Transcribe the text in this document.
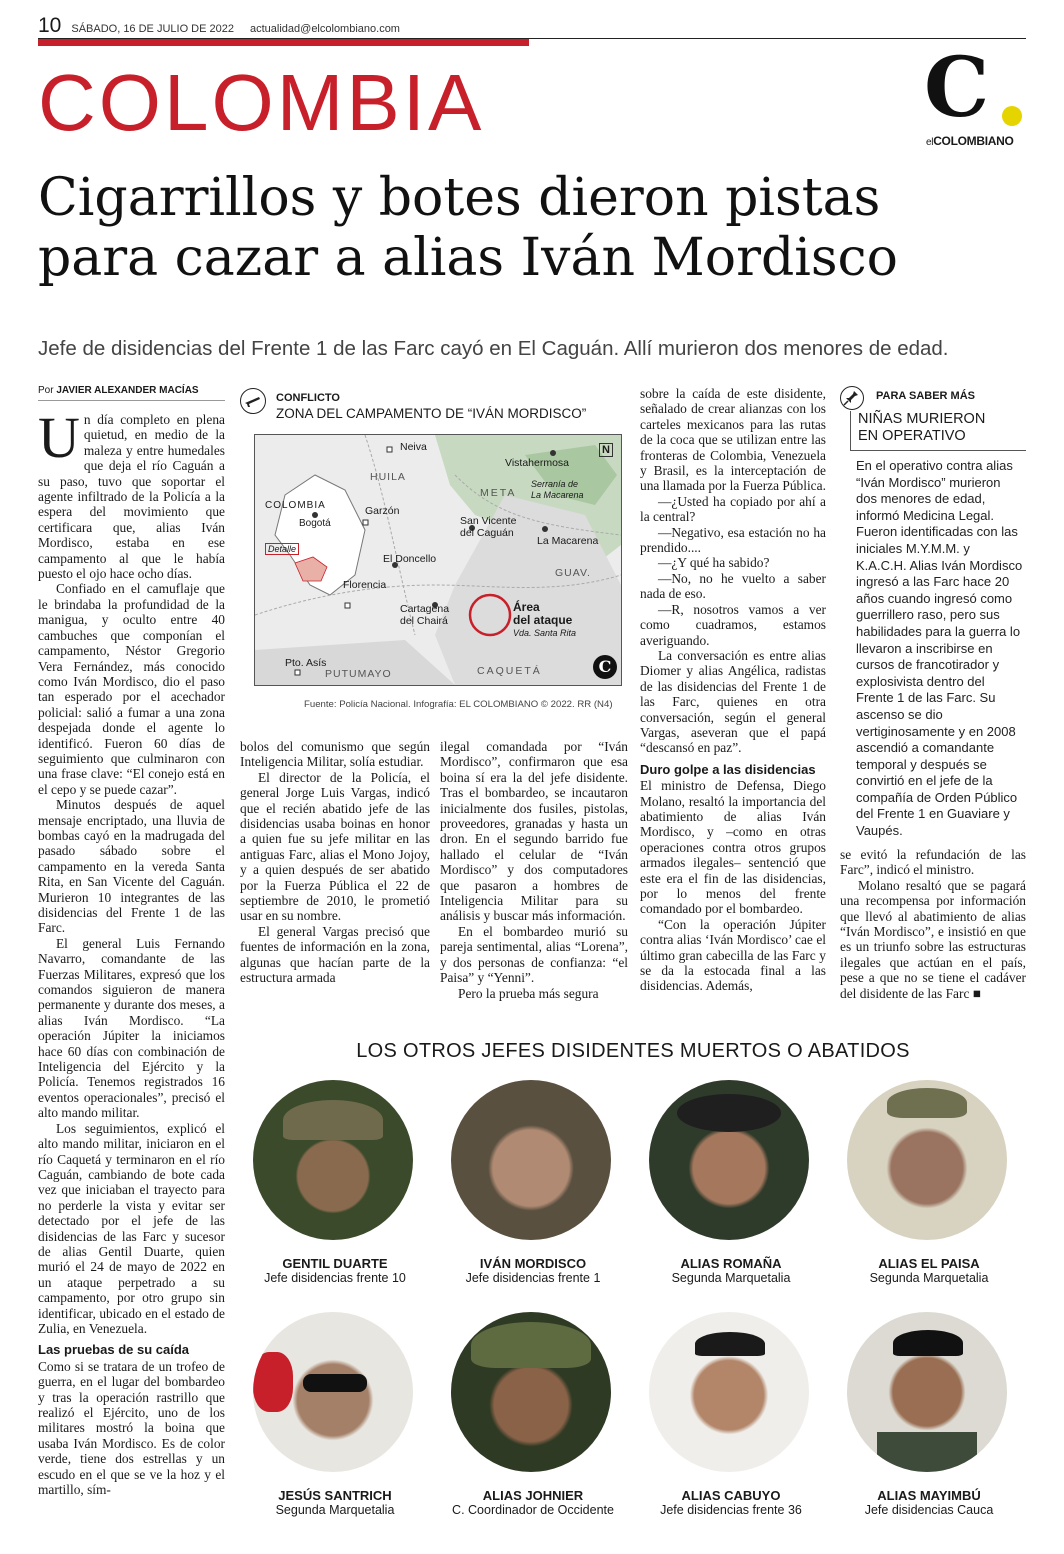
10 SÁBADO, 16 DE JULIO DE 2022 actualidad@elcolombiano.com
COLOMBIA	C
elCOLOMBIANO
Cigarrillos y botes dieron pistas
para cazar a alias Iván Mordisco
Jefe de disidencias del Frente 1 de las Farc cayó en El Caguán. Allí murieron dos menores de edad.
Por JAVIER ALEXANDER MACÍAS

Un día completo en plena quietud, en medio de la maleza y entre humedales que deja el río Caguán a su paso, tuvo que soportar el agente infiltrado de la Policía a la espera del movimiento que certificara que, alias Iván Mordisco, estaba en ese campamento al que le había puesto el ojo hace ocho días.

Confiado en el camuflaje que le brindaba la profundidad de la manigua, y oculto entre 40 cambuches que componían el campamento, Néstor Gregorio Vera Fernández, más conocido como Iván Mordisco, dio el paso tan esperado por el acechador policial: salió a fumar a una zona despejada donde el agente lo identificó. Fueron 60 días de seguimiento que culminaron con una frase clave: “El conejo está en el cepo y se puede cazar”.

Minutos después de aquel mensaje encriptado, una lluvia de bombas cayó en la madrugada del pasado sábado sobre el campamento en la vereda Santa Rita, en San Vicente del Caguán. Murieron 10 integrantes de las disidencias del Frente 1 de las Farc.

El general Luis Fernando Navarro, comandante de las Fuerzas Militares, expresó que los comandos siguieron de manera permanente y durante dos meses, a alias Iván Mordisco. “La operación Júpiter la iniciamos hace 60 días con combinación de Inteligencia del Ejército y la Policía. Tenemos registrados 16 eventos operacionales”, precisó el alto mando militar.

Los seguimientos, explicó el alto mando militar, iniciaron en el río Caquetá y terminaron en el río Caguán, cambiando de bote cada vez que iniciaban el trayecto para no perderle la vista y evitar ser detectado por el jefe de las disidencias de las Farc y sucesor de alias Gentil Duarte, quien murió el 24 de mayo de 2022 en un ataque perpetrado a su campamento, por otro grupo sin identificar, ubicado en el estado de Zulia, en Venezuela.

Las pruebas de su caída

Como si se tratara de un trofeo de guerra, en el lugar del bombardeo y tras la operación rastrillo que realizó el Ejército, uno de los militares mostró la boina que usaba Iván Mordisco. Es de color verde, tiene dos estrellas y un escudo en el que se ve la hoz y el martillo, sím-

CONFLICTO
ZONA DEL CAMPAMENTO DE “IVÁN MORDISCO”
Neiva
Vistahermosa
N
HUILA
META
Serranía de
La Macarena
COLOMBIA
Bogotá
Garzón
San Vicente
del Caguán
La Macarena
Detalle
El Doncello
GUAV.
Florencia
Cartagena
del Chairá
Área
del ataque
Vda. Santa Rita
Pto. Asís
PUTUMAYO	CAQUETÁ	C
Fuente: Policía Nacional. Infografía: EL COLOMBIANO © 2022. RR (N4)

bolos del comunismo que según Inteligencia Militar, solía estudiar.

El director de la Policía, el general Jorge Luis Vargas, indicó que el recién abatido jefe de las disidencias usaba boinas en honor a quien fue su jefe militar en las antiguas Farc, alias el Mono Jojoy, y a quien después de ser abatido por la Fuerza Pública el 22 de septiembre de 2010, le prometió usar en su nombre.

El general Vargas precisó que fuentes de información en la zona, algunas que hacían parte de la estructura armada

ilegal comandada por “Iván Mordisco”, confirmaron que esa boina sí era la del jefe disidente. Tras el bombardeo, se incautaron inicialmente dos fusiles, pistolas, proveedores, granadas y hasta un dron. En el segundo barrido fue hallado el celular de “Iván Mordisco” y dos computadores que pasaron a hombres de Inteligencia Militar para su análisis y buscar más información.

En el bombardeo murió su pareja sentimental, alias “Lorena”, y dos personas de confianza: “el Paisa” y “Yenni”.

Pero la prueba más segura

sobre la caída de este disidente, señalado de crear alianzas con los carteles mexicanos para las rutas de la coca que se utilizan entre las fronteras de Colombia, Venezuela y Brasil, es la interceptación de una llamada por la Fuerza Pública.

—¿Usted ha copiado por ahí a la central?

—Negativo, esa estación no ha prendido....

—¿Y qué ha sabido?

—No, no he vuelto a saber nada de eso.

—R, nosotros vamos a ver como cuadramos, estamos averiguando.

La conversación es entre alias Diomer y alias Angélica, radistas de las disidencias del Frente 1 de las Farc, quienes en otra conversación, según el general Vargas, aseveran que el papá “descansó en paz”.

Duro golpe a las disidencias

El ministro de Defensa, Diego Molano, resaltó la importancia del abatimiento de alias Iván Mordisco, y –como en otras operaciones contra otros grupos armados ilegales– sentenció que este era el fin de las disidencias, por lo menos del frente comandado por el bombardeo.

“Con la operación Júpiter contra alias ‘Iván Mordisco’ cae el último gran cabecilla de las Farc y se da la estocada final a las disidencias. Además,

PARA SABER MÁS
NIÑAS MURIERON
EN OPERATIVO
En el operativo contra alias “Iván Mordisco” murieron dos menores de edad, informó Medicina Legal. Fueron identificadas con las iniciales M.Y.M.M. y K.A.C.H. Alias Iván Mordisco ingresó a las Farc hace 20 años cuando ingresó como guerrillero raso, pero sus habilidades para la guerra lo llevaron a inscribirse en cursos de francotirador y explosivista dentro del Frente 1 de las Farc. Su ascenso se dio vertiginosamente y en 2008 ascendió a comandante temporal y después se convirtió en el jefe de la compañía de Orden Público del Frente 1 en Guaviare y Vaupés.

se evitó la refundación de las Farc”, indicó el ministro.

Molano resaltó que se pagará una recompensa por información que llevó al abatimiento de alias “Iván Mordisco”, e insistió en que es un triunfo sobre las estructuras ilegales que actúan en el país, pese a que no se tiene el cadáver del disidente de las Farc ■

LOS OTROS JEFES DISIDENTES MUERTOS O ABATIDOS
GENTIL DUARTE
Jefe disidencias frente 10
IVÁN MORDISCO
Jefe disidencias frente 1
ALIAS ROMAÑA
Segunda Marquetalia
ALIAS EL PAISA
Segunda Marquetalia
JESÚS SANTRICH
Segunda Marquetalia
ALIAS JOHNIER
C. Coordinador de Occidente
ALIAS CABUYO
Jefe disidencias frente 36
ALIAS MAYIMBÚ
Jefe disidencias Cauca
